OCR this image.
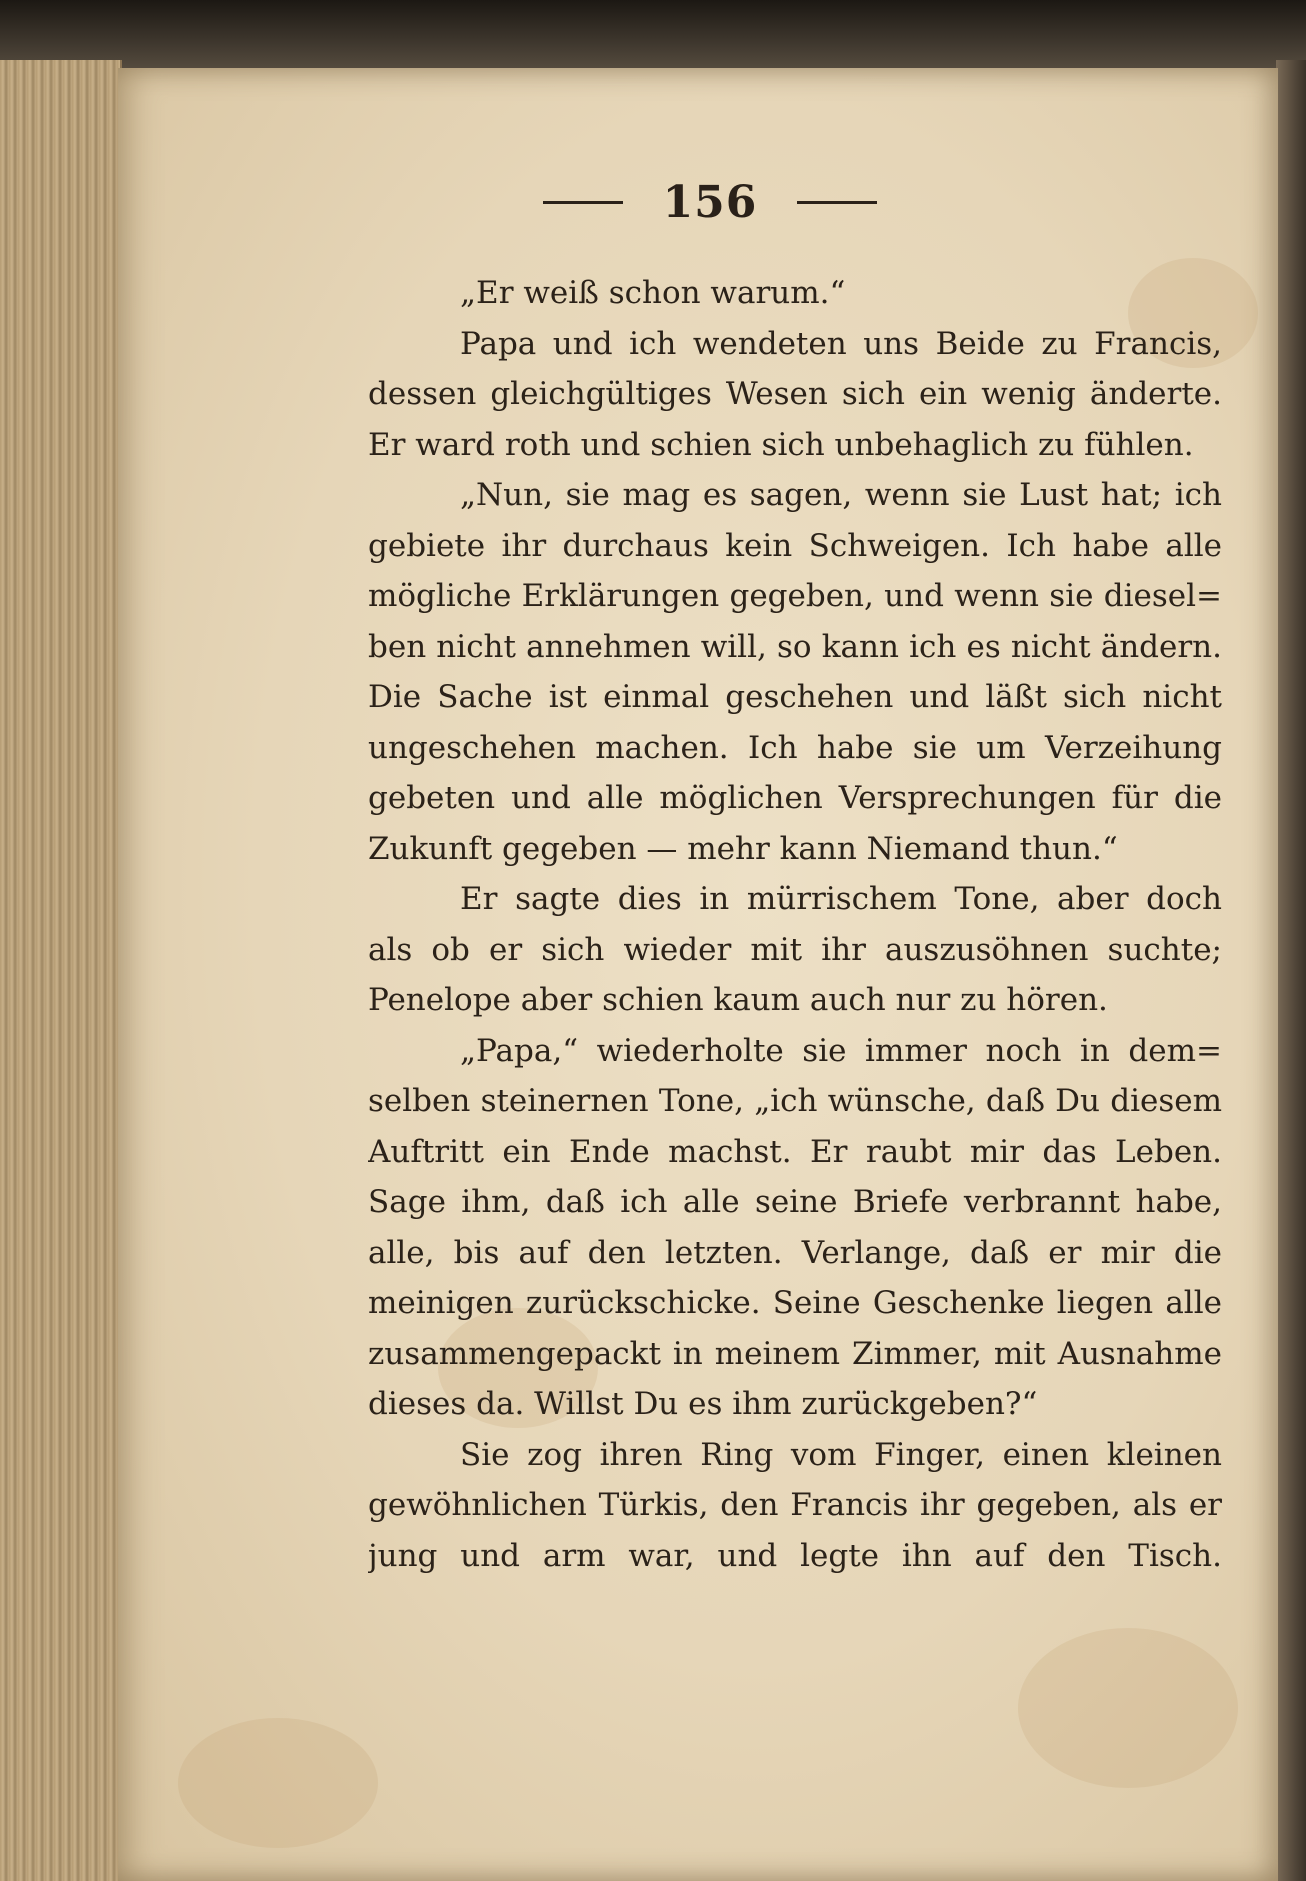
156
„Er weiß schon warum.“
Papa und ich wendeten uns Beide zu Francis,
dessen gleichgültiges Wesen sich ein wenig änderte.
Er ward roth und schien sich unbehaglich zu fühlen.
„Nun, sie mag es sagen, wenn sie Lust hat; ich
gebiete ihr durchaus kein Schweigen. Ich habe alle
mögliche Erklärungen gegeben, und wenn sie diesel=
ben nicht annehmen will, so kann ich es nicht ändern.
Die Sache ist einmal geschehen und läßt sich nicht
ungeschehen machen. Ich habe sie um Verzeihung
gebeten und alle möglichen Versprechungen für die
Zukunft gegeben — mehr kann Niemand thun.“
Er sagte dies in mürrischem Tone, aber doch
als ob er sich wieder mit ihr auszusöhnen suchte;
Penelope aber schien kaum auch nur zu hören.
„Papa,“ wiederholte sie immer noch in dem=
selben steinernen Tone, „ich wünsche, daß Du diesem
Auftritt ein Ende machst. Er raubt mir das Leben.
Sage ihm, daß ich alle seine Briefe verbrannt habe,
alle, bis auf den letzten. Verlange, daß er mir die
meinigen zurückschicke. Seine Geschenke liegen alle
zusammengepackt in meinem Zimmer, mit Ausnahme
dieses da. Willst Du es ihm zurückgeben?“
Sie zog ihren Ring vom Finger, einen kleinen
gewöhnlichen Türkis, den Francis ihr gegeben, als er
jung und arm war, und legte ihn auf den Tisch.
